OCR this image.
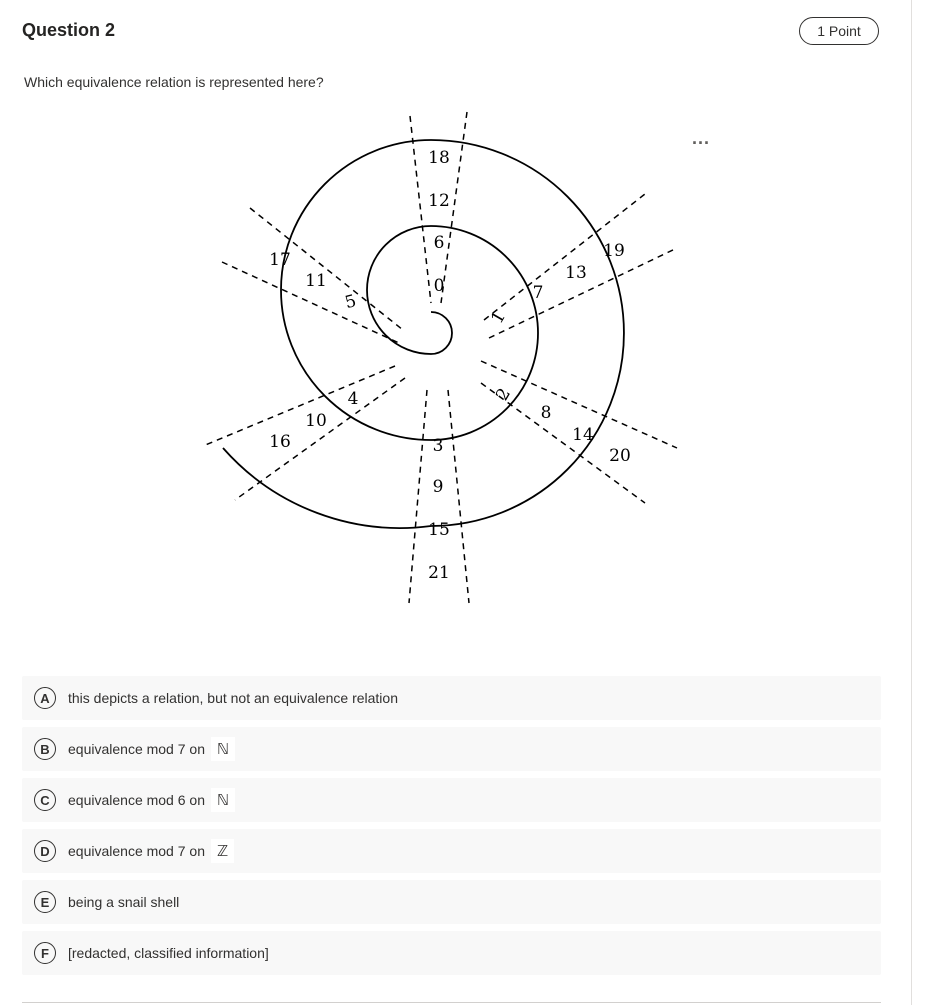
Question 2	1 Point
Which equivalence relation is represented here?
...
0
1
2
3
4
5
6
7
8
9
10
11
12
13
14
15
16
17
18
19
20
21
A	this depicts a relation, but not an equivalence relation
B	equivalence mod 7 on ℕ
C	equivalence mod 6 on ℕ
D	equivalence mod 7 on ℤ
E	being a snail shell
F	[redacted, classified information]
